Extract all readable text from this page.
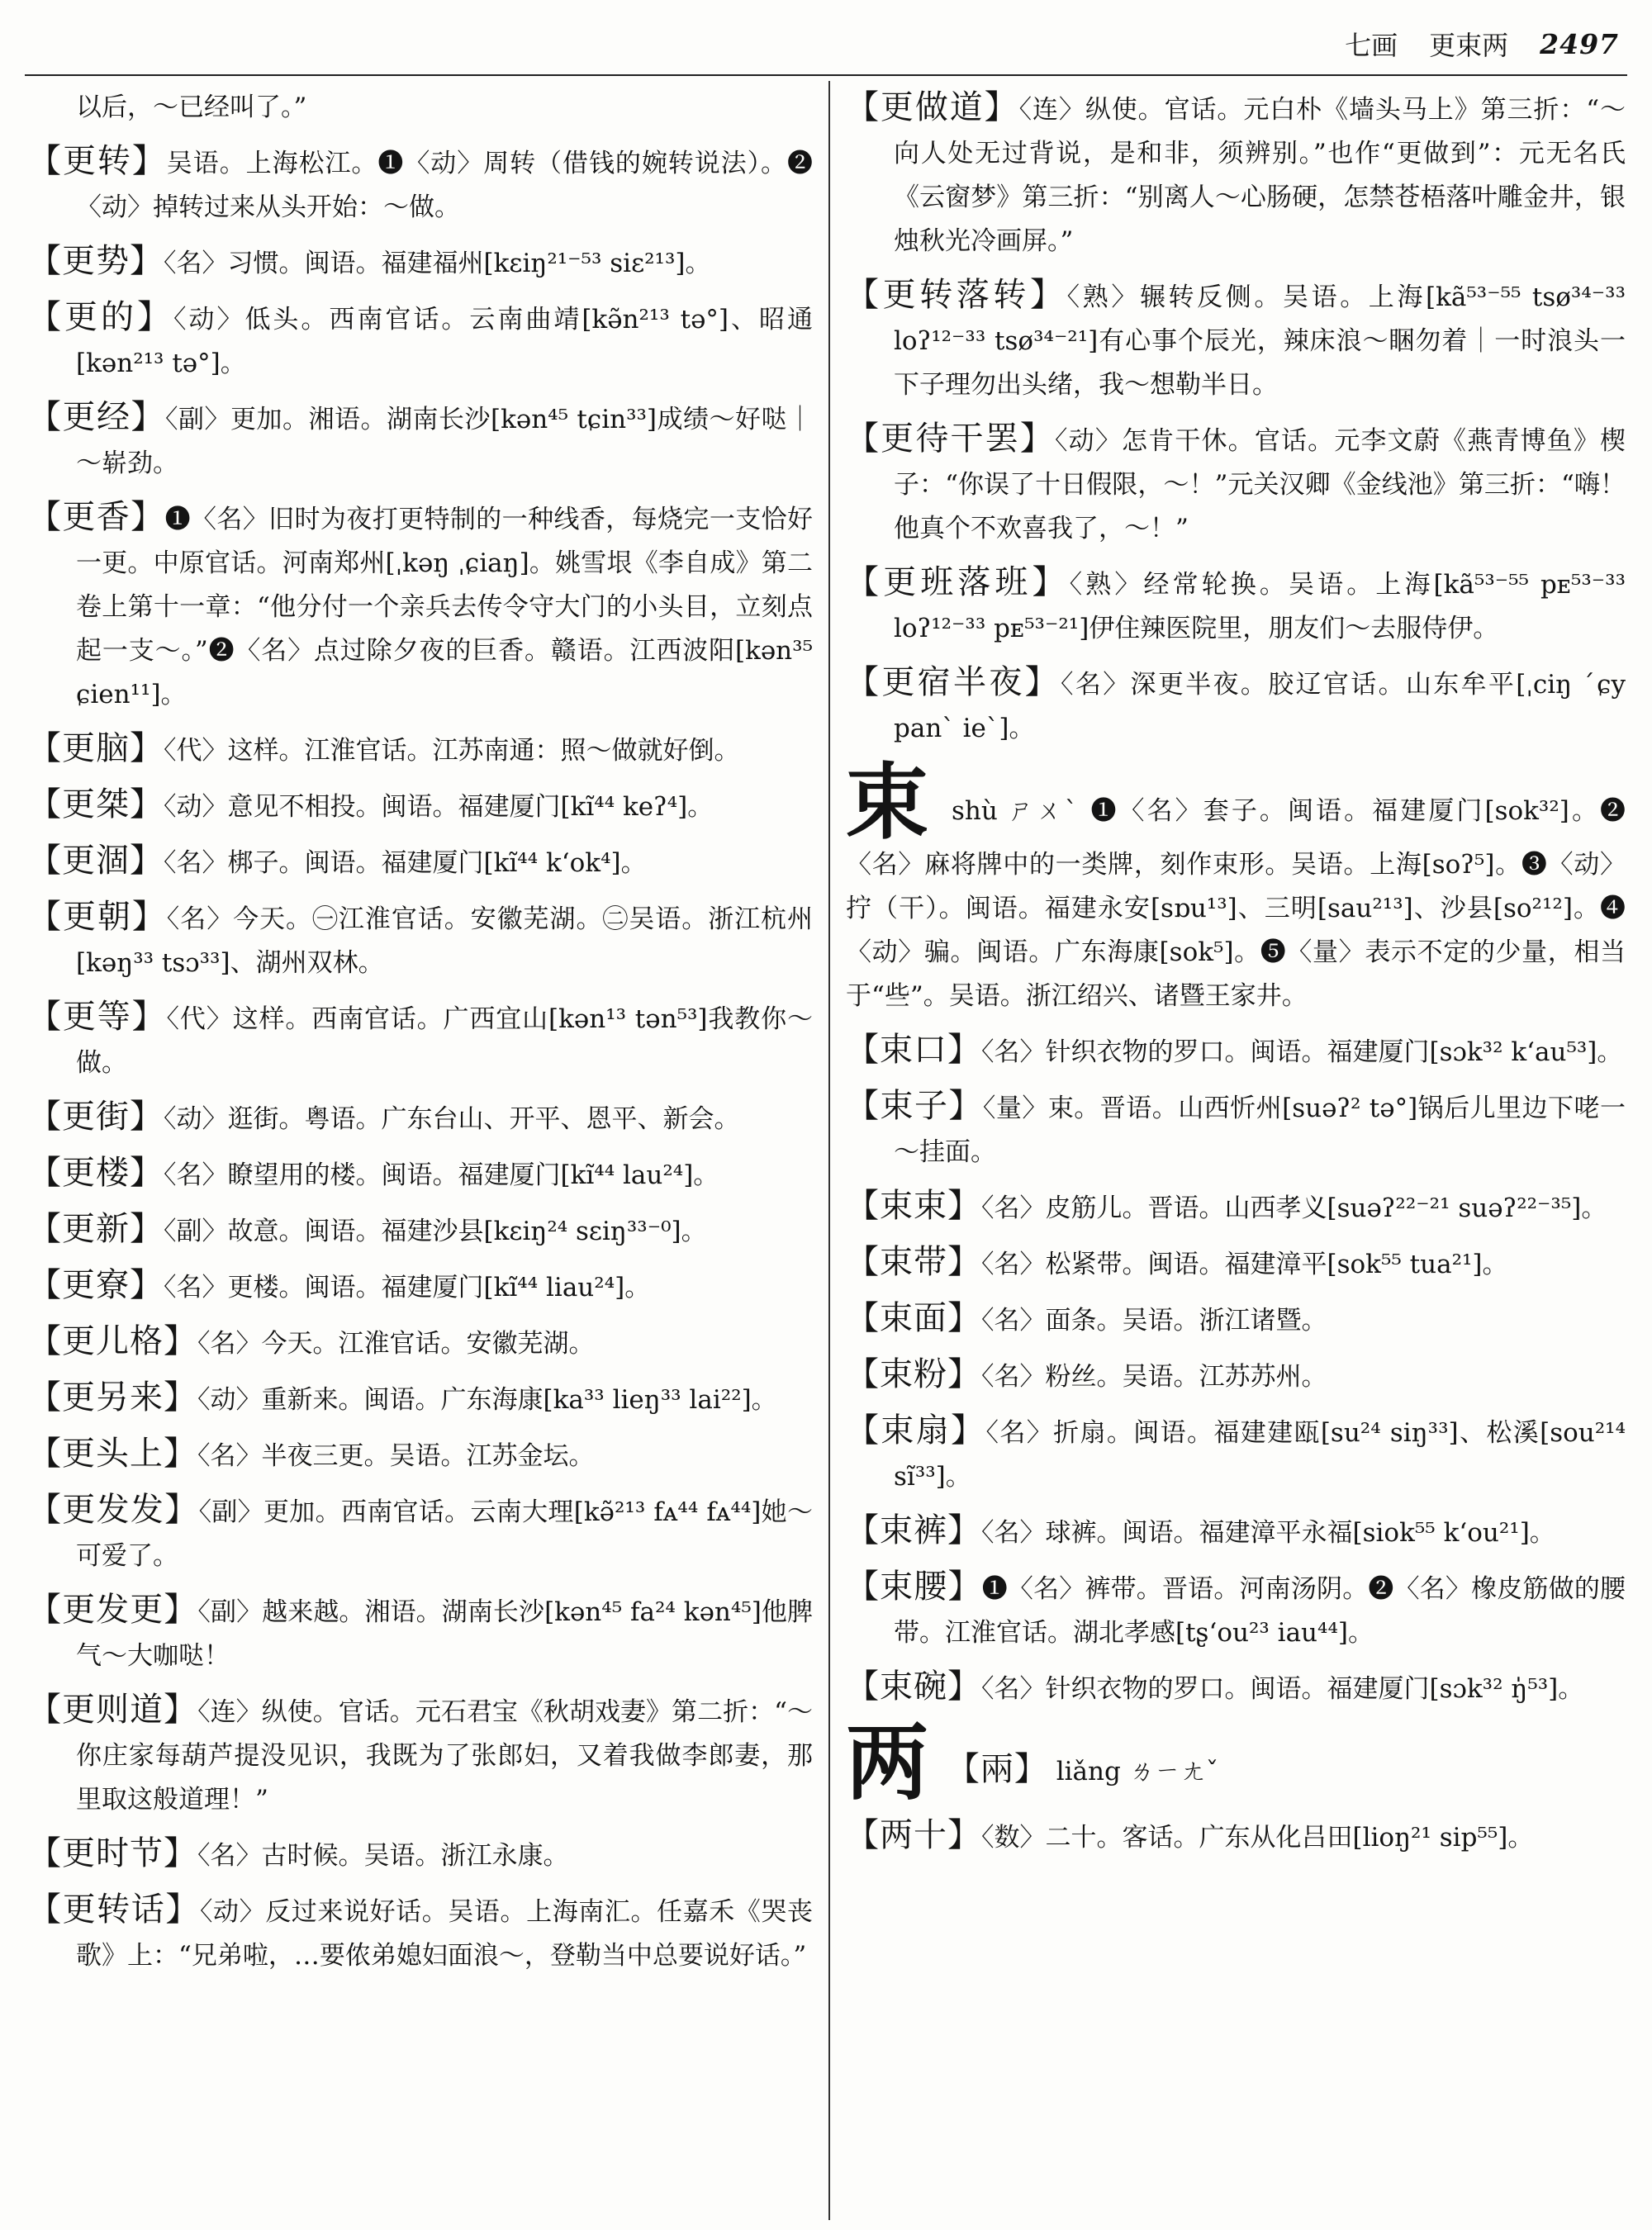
七画 更束两 2497

以后，～已经叫了。”

【更转】吴语。上海松江。❶〈动〉周转（借钱的婉转说法）。❷〈动〉掉转过来从头开始：～做。

【更势】〈名〉习惯。闽语。福建福州[kεiŋ²¹⁻⁵³ siε²¹³]。

【更的】〈动〉低头。西南官话。云南曲靖[kə̃n²¹³ tə°]、昭通[kən²¹³ tə°]。

【更经】〈副〉更加。湘语。湖南长沙[kən⁴⁵ tɕin³³]成绩～好哒｜～崭劲。

【更香】❶〈名〉旧时为夜打更特制的一种线香，每烧完一支恰好一更。中原官话。河南郑州[ˌkəŋ ˌɕiaŋ]。姚雪垠《李自成》第二卷上第十一章：“他分付一个亲兵去传令守大门的小头目，立刻点起一支～。”❷〈名〉点过除夕夜的巨香。赣语。江西波阳[kən³⁵ ɕien¹¹]。

【更脑】〈代〉这样。江淮官话。江苏南通：照～做就好倒。

【更桀】〈动〉意见不相投。闽语。福建厦门[kĩ⁴⁴ keʔ⁴]。

【更涸】〈名〉梆子。闽语。福建厦门[kĩ⁴⁴ k‘ok⁴]。

【更朝】〈名〉今天。㊀江淮官话。安徽芜湖。㊁吴语。浙江杭州[kəŋ³³ tsɔ³³]、湖州双林。

【更等】〈代〉这样。西南官话。广西宜山[kən¹³ tən⁵³]我教你～做。

【更街】〈动〉逛街。粤语。广东台山、开平、恩平、新会。

【更楼】〈名〉瞭望用的楼。闽语。福建厦门[kĩ⁴⁴ lau²⁴]。

【更新】〈副〉故意。闽语。福建沙县[kεiŋ²⁴ sεiŋ³³⁻⁰]。

【更寮】〈名〉更楼。闽语。福建厦门[kĩ⁴⁴ liau²⁴]。

【更儿格】〈名〉今天。江淮官话。安徽芜湖。

【更另来】〈动〉重新来。闽语。广东海康[ka³³ lieŋ³³ lai²²]。

【更头上】〈名〉半夜三更。吴语。江苏金坛。

【更发发】〈副〉更加。西南官话。云南大理[kə̃²¹³ fᴀ⁴⁴ fᴀ⁴⁴]她～可爱了。

【更发更】〈副〉越来越。湘语。湖南长沙[kən⁴⁵ fa²⁴ kən⁴⁵]他脾气～大咖哒！

【更则道】〈连〉纵使。官话。元石君宝《秋胡戏妻》第二折：“～你庄家每葫芦提没见识，我既为了张郎妇，又着我做李郎妻，那里取这般道理！”

【更时节】〈名〉古时候。吴语。浙江永康。

【更转话】〈动〉反过来说好话。吴语。上海南汇。任嘉禾《哭丧歌》上：“兄弟啦，…要侬弟媳妇面浪～，登勒当中总要说好话。”

【更做道】〈连〉纵使。官话。元白朴《墙头马上》第三折：“～向人处无过背说，是和非，须辨别。”也作“更做到”：元无名氏《云窗梦》第三折：“别离人～心肠硬，怎禁苍梧落叶雕金井，银烛秋光冷画屏。”

【更转落转】〈熟〉辗转反侧。吴语。上海[kã⁵³⁻⁵⁵ tsø³⁴⁻³³ loʔ¹²⁻³³ tsø³⁴⁻²¹]有心事个辰光，辣床浪～睏勿着｜一时浪头一下子理勿出头绪，我～想勒半日。

【更待干罢】〈动〉怎肯干休。官话。元李文蔚《燕青博鱼》楔子：“你误了十日假限，～！”元关汉卿《金线池》第三折：“嗨！他真个不欢喜我了，～！”

【更班落班】〈熟〉经常轮换。吴语。上海[kã⁵³⁻⁵⁵ pᴇ⁵³⁻³³ loʔ¹²⁻³³ pᴇ⁵³⁻²¹]伊住辣医院里，朋友们～去服侍伊。

【更宿半夜】〈名〉深更半夜。胶辽官话。山东牟平[ˌciŋ ˊɕy panˋ ieˋ]。

束 shù ㄕㄨˋ ❶〈名〉套子。闽语。福建厦门[sok³²]。❷〈名〉麻将牌中的一类牌，刻作束形。吴语。上海[soʔ⁵]。❸〈动〉拧（干）。闽语。福建永安[sɒu¹³]、三明[sau²¹³]、沙县[so²¹²]。❹〈动〉骗。闽语。广东海康[sok⁵]。❺〈量〉表示不定的少量，相当于“些”。吴语。浙江绍兴、诸暨王家井。

【束口】〈名〉针织衣物的罗口。闽语。福建厦门[sɔk³² k‘au⁵³]。

【束子】〈量〉束。晋语。山西忻州[suəʔ² tə°]锅后儿里边下咾一～挂面。

【束束】〈名〉皮筋儿。晋语。山西孝义[suəʔ²²⁻²¹ suəʔ²²⁻³⁵]。

【束带】〈名〉松紧带。闽语。福建漳平[sok⁵⁵ tua²¹]。

【束面】〈名〉面条。吴语。浙江诸暨。

【束粉】〈名〉粉丝。吴语。江苏苏州。

【束扇】〈名〉折扇。闽语。福建建瓯[su²⁴ siŋ³³]、松溪[sou²¹⁴ sĩ³³]。

【束裤】〈名〉球裤。闽语。福建漳平永福[siok⁵⁵ k‘ou²¹]。

【束腰】❶〈名〉裤带。晋语。河南汤阴。❷〈名〉橡皮筋做的腰带。江淮官话。湖北孝感[tʂ‘ou²³ iau⁴⁴]。

【束碗】〈名〉针织衣物的罗口。闽语。福建厦门[sɔk³² ŋ̍⁵³]。

两 【兩】 liǎng ㄌㄧㄤˇ

【两十】〈数〉二十。客话。广东从化吕田[lioŋ²¹ sip⁵⁵]。
